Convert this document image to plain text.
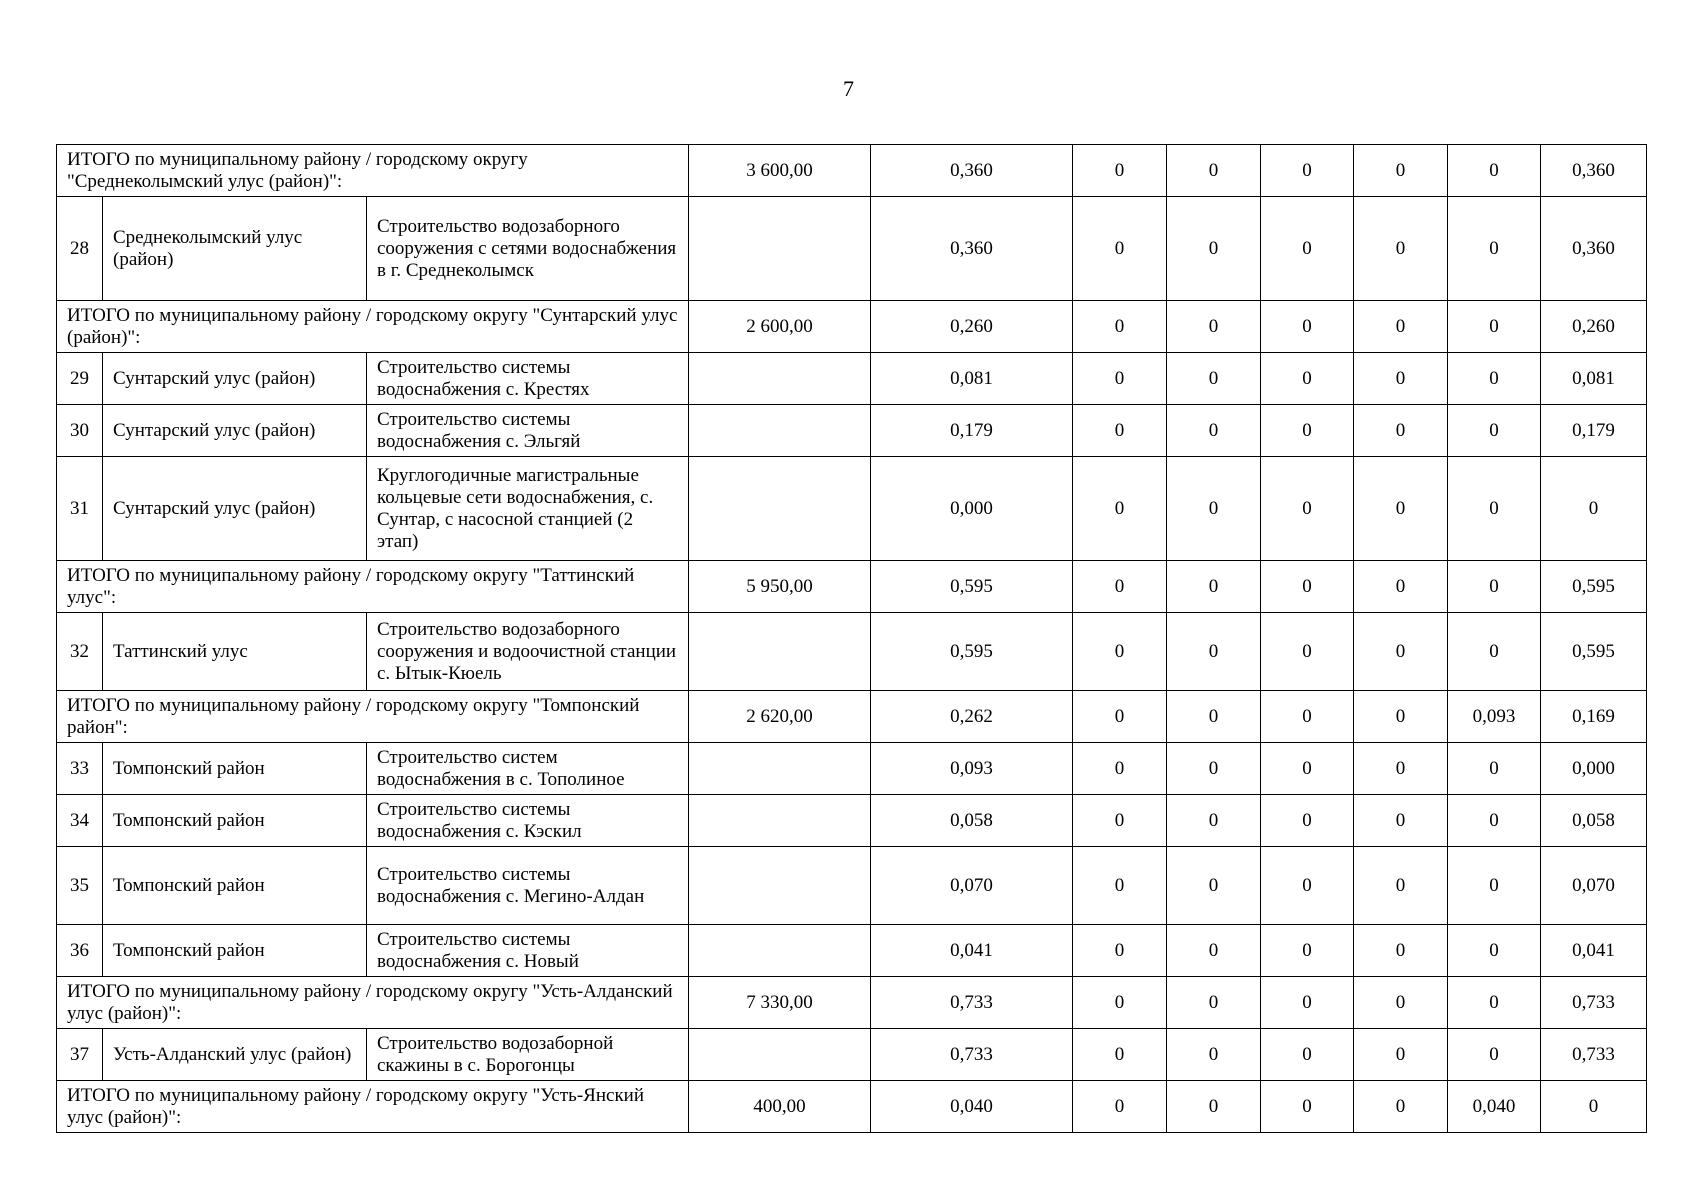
7
ИТОГО по муниципальному району / городскому округу "Среднеколымский улус (район)":			3 600,00	0,360	0	0	0	0	0	0,360
28	Среднеколымский улус (район)	Строительство водозаборного сооружения с сетями водоснабжения в г. Среднеколымск		0,360	0	0	0	0	0	0,360
ИТОГО по муниципальному району / городскому округу "Сунтарский улус (район)":			2 600,00	0,260	0	0	0	0	0	0,260
29	Сунтарский улус (район)	Строительство системы водоснабжения с. Крестях		0,081	0	0	0	0	0	0,081
30	Сунтарский улус (район)	Строительство системы водоснабжения с. Эльгяй		0,179	0	0	0	0	0	0,179
31	Сунтарский улус (район)	Круглогодичные магистральные кольцевые сети водоснабжения, с. Сунтар, с насосной станцией (2 этап)		0,000	0	0	0	0	0	0
ИТОГО по муниципальному району / городскому округу "Таттинский улус":			5 950,00	0,595	0	0	0	0	0	0,595
32	Таттинский улус	Строительство водозаборного сооружения и водоочистной станции с. Ытык-Кюель		0,595	0	0	0	0	0	0,595
ИТОГО по муниципальному району / городскому округу "Томпонский район":			2 620,00	0,262	0	0	0	0	0,093	0,169
33	Томпонский район	Строительство систем водоснабжения в с. Тополиное		0,093	0	0	0	0	0	0,000
34	Томпонский район	Строительство системы водоснабжения с. Кэскил		0,058	0	0	0	0	0	0,058
35	Томпонский район	Строительство системы водоснабжения с. Мегино-Алдан		0,070	0	0	0	0	0	0,070
36	Томпонский район	Строительство системы водоснабжения с. Новый		0,041	0	0	0	0	0	0,041
ИТОГО по муниципальному району / городскому округу "Усть-Алданский улус (район)":			7 330,00	0,733	0	0	0	0	0	0,733
37	Усть-Алданский улус (район)	Строительство водозаборной скажины в с. Борогонцы		0,733	0	0	0	0	0	0,733
ИТОГО по муниципальному району / городскому округу "Усть-Янский улус (район)":			400,00	0,040	0	0	0	0	0,040	0
